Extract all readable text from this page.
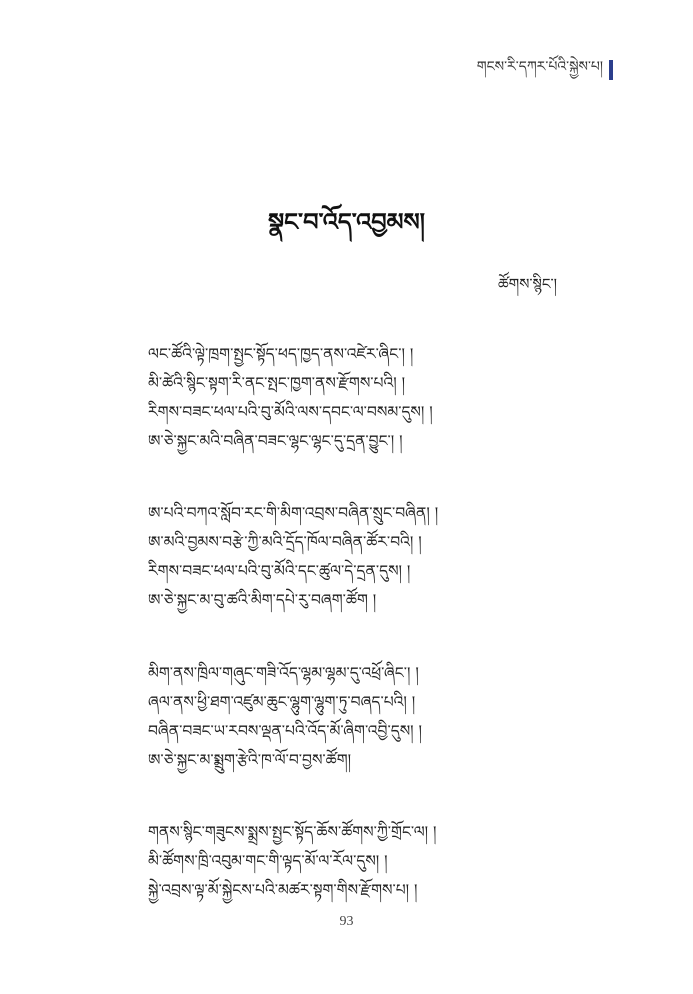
གངས་རི་དཀར་པོའི་སྐྱེས་པ།
སྣང་བ་འོད་འབྱམས།
ཚོགས་སྙིང་།
ལང་ཚོའི་ལྟེ་ཁྲག་སྤྱང་སྟོད་ཕད་ཁྱད་ནས་འཛེར་ཞིང་། །
མི་ཚེའི་སྙིང་སྟག་རི་ནང་སྤང་ཁྱག་ནས་རྫོགས་པའི། །
རིགས་བཟང་ཕལ་པའི་བུ་མོའི་ལས་དབང་ལ་བསམ་དུས། །
ཨ་ཅེ་སྐྱང་མའི་བཞིན་བཟང་ལྷང་ལྷང་དུ་དྲན་བྱུང་། །
ཨ་པའི་བཀའ་སློབ་རང་གི་མིག་འབྲས་བཞིན་སྲུང་བཞིན། །
ཨ་མའི་བྱམས་བརྩེ་ཀྱི་མའི་དྲོད་ཁོལ་བཞིན་ཚོར་བའི། །
རིགས་བཟང་ཕལ་པའི་བུ་མོའི་དང་ཚུལ་དེ་དྲན་དུས། །
ཨ་ཅེ་སྐྱང་མ་བུ་ཚའི་མིག་དཔེ་རུ་བཞག་ཚོག །
མིག་ནས་ཁྲིལ་གཞུང་གཟི་འོད་ལྷམ་ལྷམ་དུ་འཕྲོ་ཞིང་། །
ཞལ་ནས་ཕྱི་ཐག་འཛུམ་ཆུང་ལྷུག་ལྷུག་ཏུ་བཞད་པའི། །
བཞིན་བཟང་ཡ་རབས་ལྡན་པའི་འོད་མོ་ཞིག་འབྱི་དུས། །
ཨ་ཅེ་སྐྱང་མ་སྨྲུག་རྩེའི་ཁ་ལོ་བ་བྱས་ཚོག།
གནས་སྙིང་གཟུངས་སྨྲས་སྤྱང་སྟོད་ཆོས་ཚོགས་ཀྱི་གྲོང་ལ། །
མི་ཚོགས་ཁྲི་འབུམ་གང་གི་ལྟད་མོ་ལ་རོལ་དུས། །
སྐྱེ་འབྲས་ལྟ་མོ་སྐྱེངས་པའི་མཚར་སྟག་གིས་རྫོགས་པ། །
93
